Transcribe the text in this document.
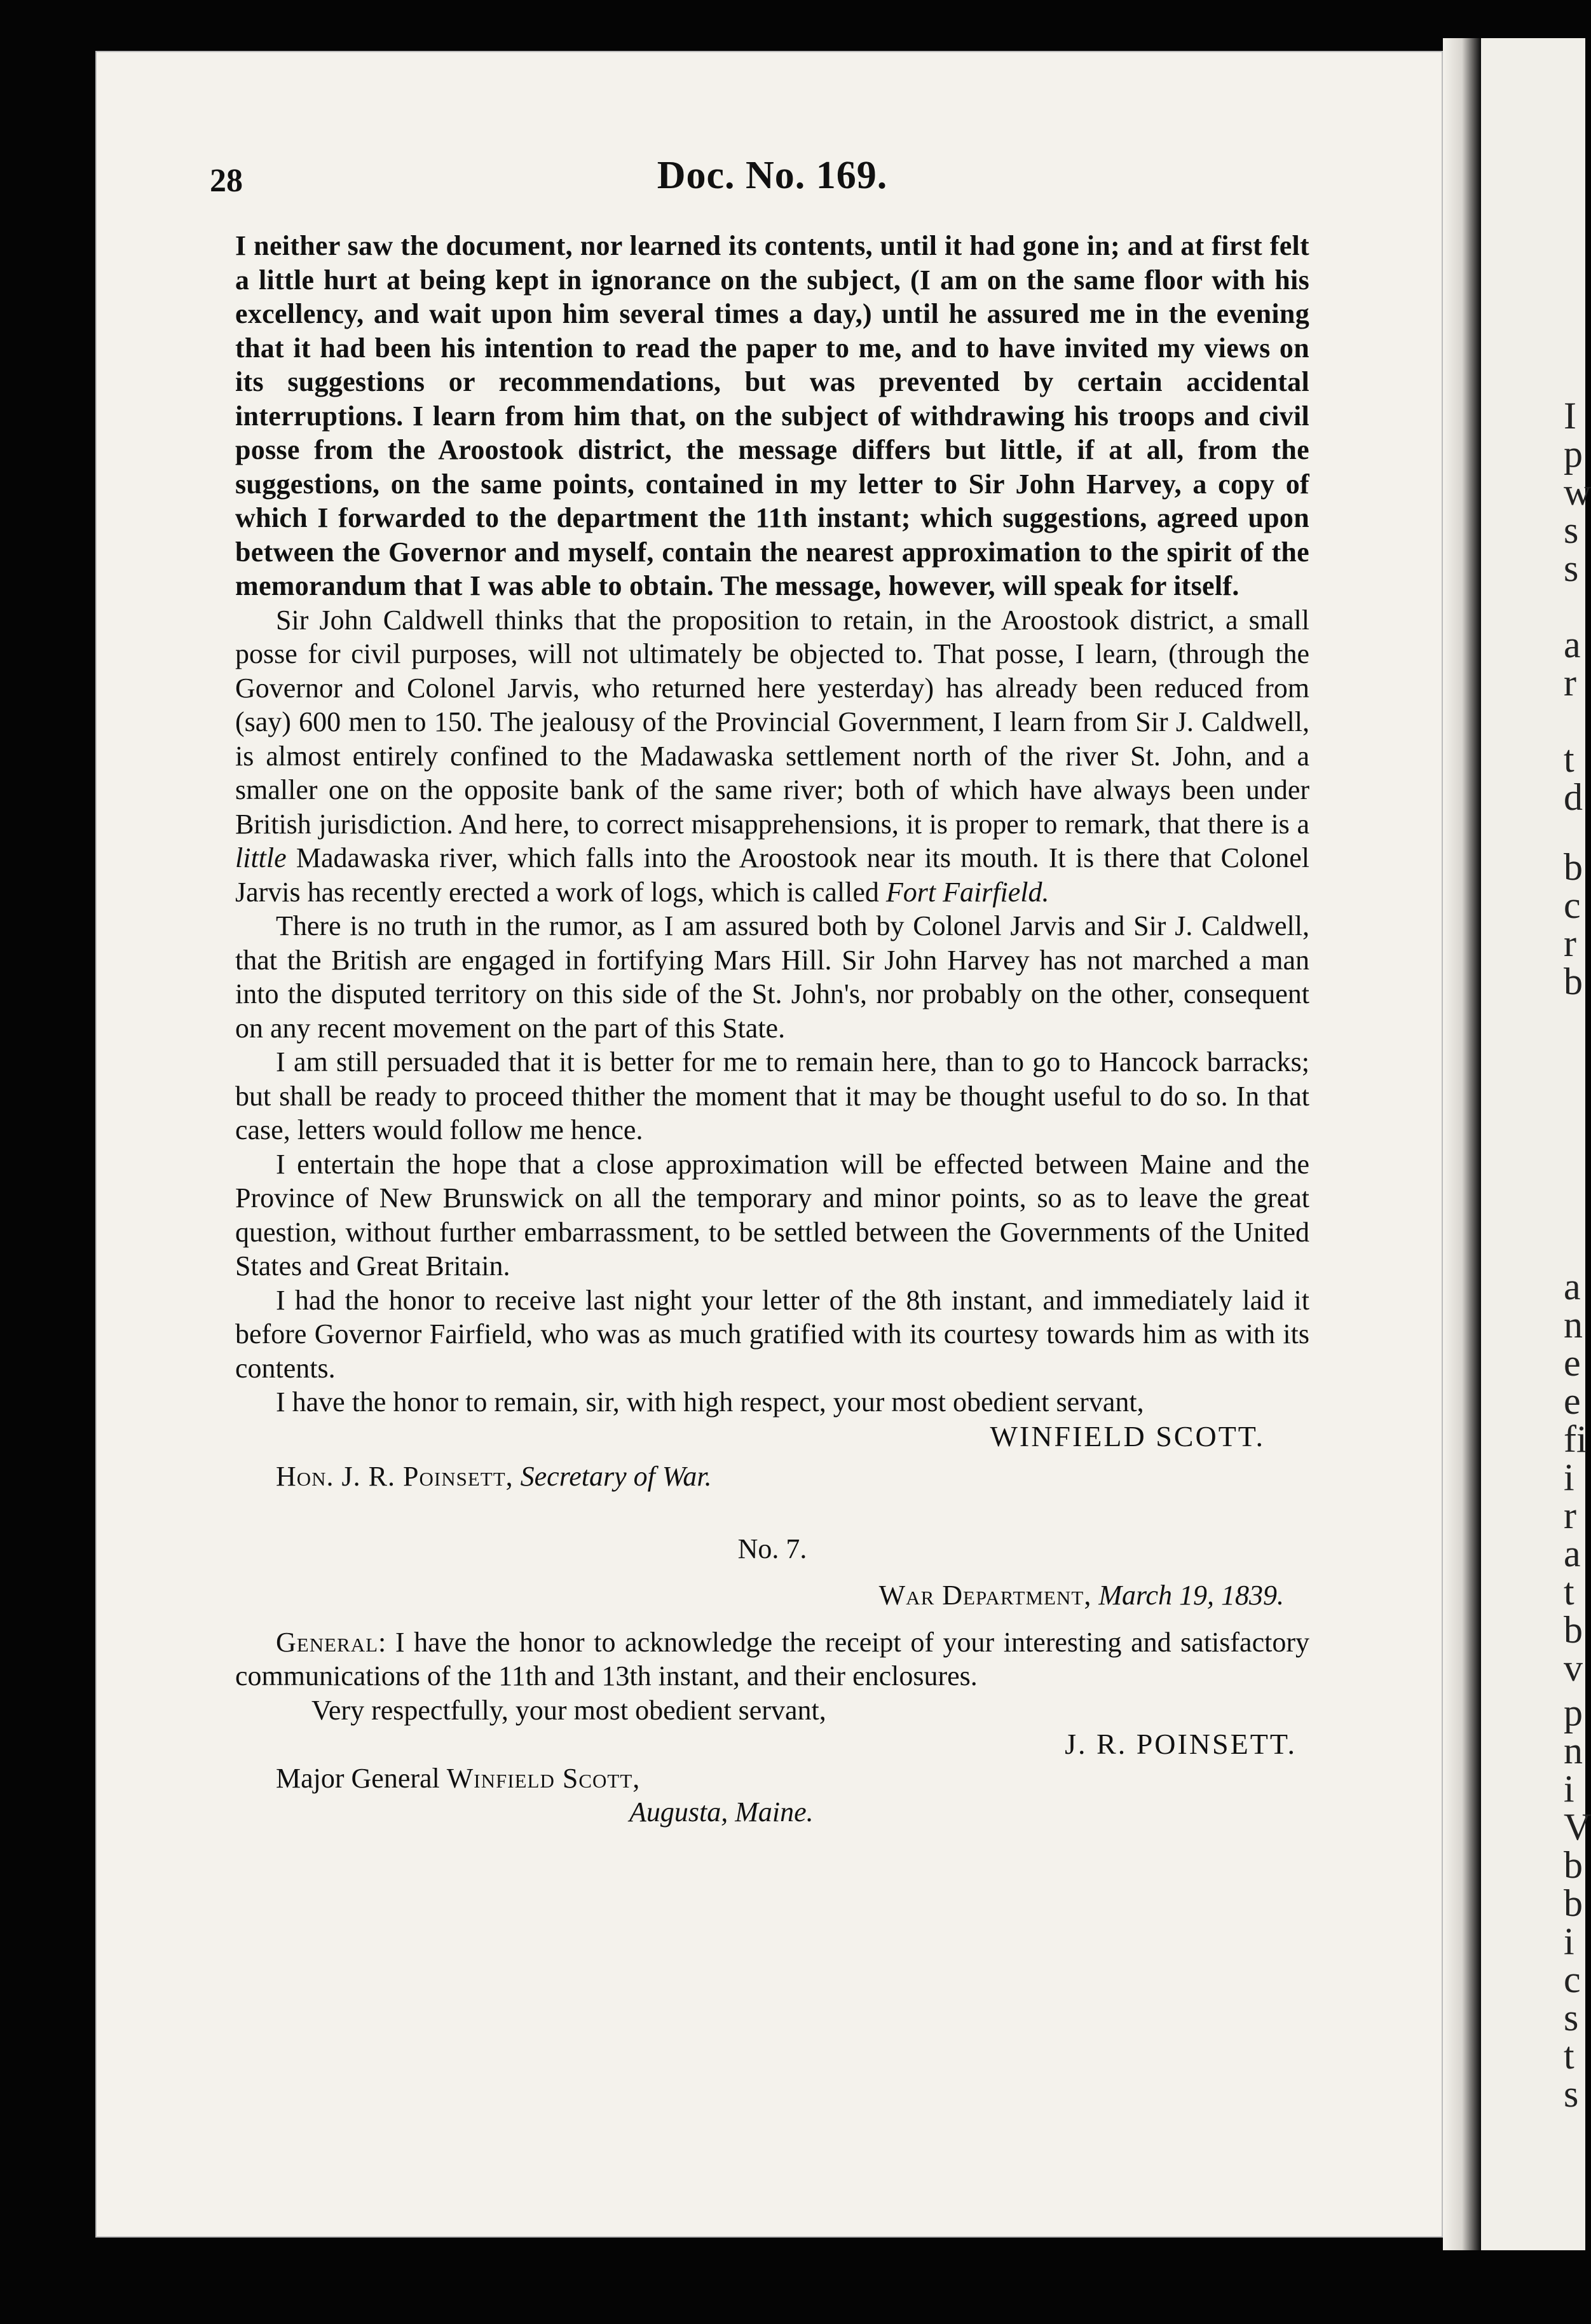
I
p
w
s
s
a
r
t
d
b
c
r
b
a
n
e
e
fi
i
r
a
t
b
v
p
n
i
V
b
b
i
c
s
t
s
28	Doc. No. 169.

I neither saw the document, nor learned its contents, until it had gone in; and at first felt a little hurt at being kept in ignorance on the subject, (I am on the same floor with his excellency, and wait upon him several times a day,) until he assured me in the evening that it had been his intention to read the paper to me, and to have invited my views on its suggestions or recommendations, but was prevented by certain accidental interruptions. I learn from him that, on the subject of withdrawing his troops and civil posse from the Aroostook district, the message differs but little, if at all, from the suggestions, on the same points, contained in my letter to Sir John Harvey, a copy of which I forwarded to the department the 11th instant; which suggestions, agreed upon between the Governor and myself, contain the nearest approximation to the spirit of the memorandum that I was able to obtain. The message, however, will speak for itself.

Sir John Caldwell thinks that the proposition to retain, in the Aroostook district, a small posse for civil purposes, will not ultimately be objected to. That posse, I learn, (through the Governor and Colonel Jarvis, who returned here yesterday) has already been reduced from (say) 600 men to 150. The jealousy of the Provincial Government, I learn from Sir J. Caldwell, is almost entirely confined to the Madawaska settlement north of the river St. John, and a smaller one on the opposite bank of the same river; both of which have always been under British jurisdiction. And here, to correct misapprehensions, it is proper to remark, that there is a little Madawaska river, which falls into the Aroostook near its mouth. It is there that Colonel Jarvis has recently erected a work of logs, which is called Fort Fairfield.

There is no truth in the rumor, as I am assured both by Colonel Jarvis and Sir J. Caldwell, that the British are engaged in fortifying Mars Hill. Sir John Harvey has not marched a man into the disputed territory on this side of the St. John's, nor probably on the other, consequent on any recent movement on the part of this State.

I am still persuaded that it is better for me to remain here, than to go to Hancock barracks; but shall be ready to proceed thither the moment that it may be thought useful to do so. In that case, letters would follow me hence.

I entertain the hope that a close approximation will be effected between Maine and the Province of New Brunswick on all the temporary and minor points, so as to leave the great question, without further embarrassment, to be settled between the Governments of the United States and Great Britain.

I had the honor to receive last night your letter of the 8th instant, and immediately laid it before Governor Fairfield, who was as much gratified with its courtesy towards him as with its contents.

I have the honor to remain, sir, with high respect, your most obedient servant,

WINFIELD SCOTT.

Hon. J. R. Poinsett, Secretary of War.

No. 7.

War Department, March 19, 1839.

General: I have the honor to acknowledge the receipt of your interesting and satisfactory communications of the 11th and 13th instant, and their enclosures.

Very respectfully, your most obedient servant,

J. R. POINSETT.

Major General Winfield Scott,

Augusta, Maine.
